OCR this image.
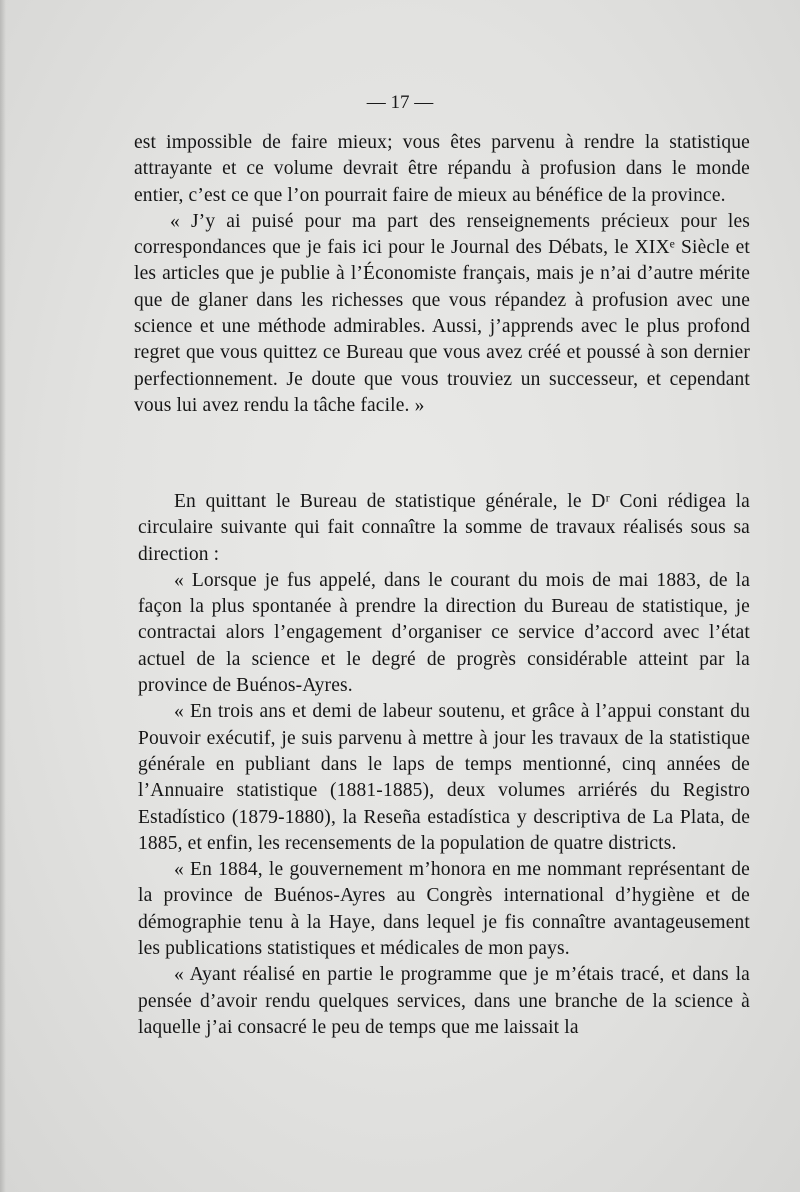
— 17 —

est impossible de faire mieux; vous êtes parvenu à rendre la statistique attrayante et ce volume devrait être répandu à profusion dans le monde entier, c’est ce que l’on pourrait faire de mieux au bénéfice de la province.

« J’y ai puisé pour ma part des renseignements précieux pour les correspondances que je fais ici pour le Journal des Débats, le XIXᵉ Siècle et les articles que je publie à l’Économiste français, mais je n’ai d’autre mérite que de glaner dans les richesses que vous répandez à profusion avec une science et une méthode admirables. Aussi, j’apprends avec le plus profond regret que vous quittez ce Bureau que vous avez créé et poussé à son dernier perfectionnement. Je doute que vous trouviez un successeur, et cependant vous lui avez rendu la tâche facile. »

En quittant le Bureau de statistique générale, le Dʳ Coni rédigea la circulaire suivante qui fait connaître la somme de travaux réalisés sous sa direction :

« Lorsque je fus appelé, dans le courant du mois de mai 1883, de la façon la plus spontanée à prendre la direction du Bureau de statistique, je contractai alors l’engagement d’organiser ce service d’accord avec l’état actuel de la science et le degré de progrès considérable atteint par la province de Buénos-Ayres.

« En trois ans et demi de labeur soutenu, et grâce à l’appui constant du Pouvoir exécutif, je suis parvenu à mettre à jour les travaux de la statistique générale en publiant dans le laps de temps mentionné, cinq années de l’Annuaire statistique (1881-1885), deux volumes arriérés du Registro Estadístico (1879-1880), la Reseña estadística y descriptiva de La Plata, de 1885, et enfin, les recensements de la population de quatre districts.

« En 1884, le gouvernement m’honora en me nommant représentant de la province de Buénos-Ayres au Congrès international d’hygiène et de démographie tenu à la Haye, dans lequel je fis connaître avantageusement les publications statistiques et médicales de mon pays.

« Ayant réalisé en partie le programme que je m’étais tracé, et dans la pensée d’avoir rendu quelques services, dans une branche de la science à laquelle j’ai consacré le peu de temps que me laissait la
